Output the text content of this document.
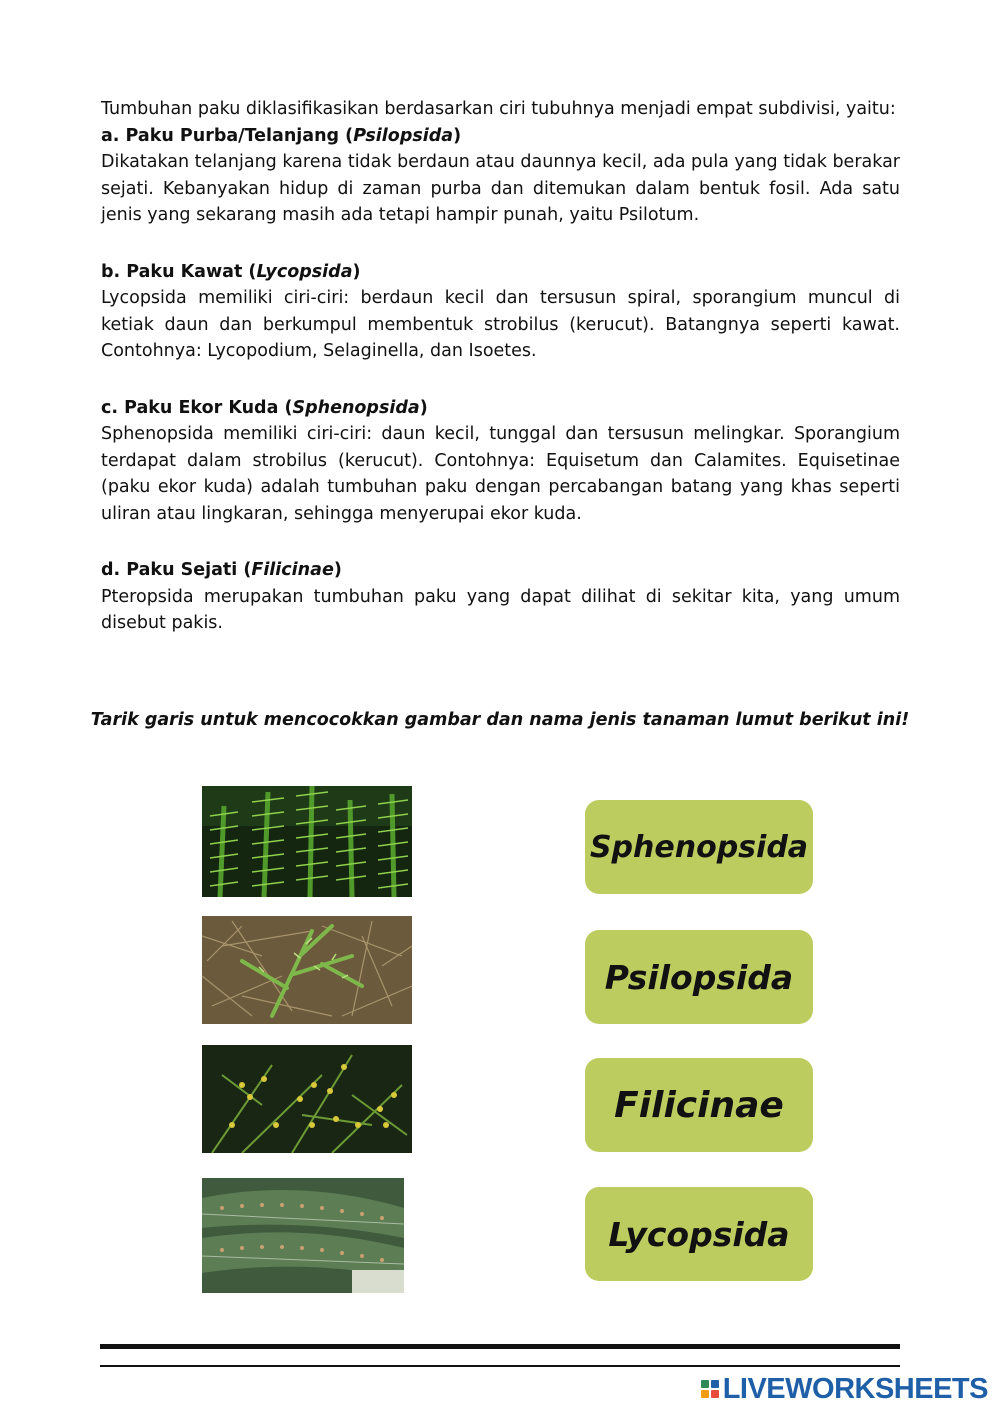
Tumbuhan paku diklasifikasikan berdasarkan ciri tubuhnya menjadi empat subdivisi, yaitu:

a. Paku Purba/Telanjang (Psilopsida)

Dikatakan telanjang karena tidak berdaun atau daunnya kecil, ada pula yang tidak berakar sejati. Kebanyakan hidup di zaman purba dan ditemukan dalam bentuk fosil. Ada satu jenis yang sekarang masih ada tetapi hampir punah, yaitu Psilotum.

b. Paku Kawat (Lycopsida)

Lycopsida memiliki ciri-ciri: berdaun kecil dan tersusun spiral, sporangium muncul di ketiak daun dan berkumpul membentuk strobilus (kerucut). Batangnya seperti kawat. Contohnya: Lycopodium, Selaginella, dan Isoetes.

c. Paku Ekor Kuda (Sphenopsida)

Sphenopsida memiliki ciri-ciri: daun kecil, tunggal dan tersusun melingkar. Sporangium terdapat dalam strobilus (kerucut). Contohnya: Equisetum dan Calamites. Equisetinae (paku ekor kuda) adalah tumbuhan paku dengan percabangan batang yang khas seperti uliran atau lingkaran, sehingga menyerupai ekor kuda.

d. Paku Sejati (Filicinae)

Pteropsida merupakan tumbuhan paku yang dapat dilihat di sekitar kita, yang umum disebut pakis.

Tarik garis untuk mencocokkan gambar dan nama jenis tanaman lumut berikut ini!
Sphenopsida
Psilopsida
Filicinae
Lycopsida
LIVEWORKSHEETS
